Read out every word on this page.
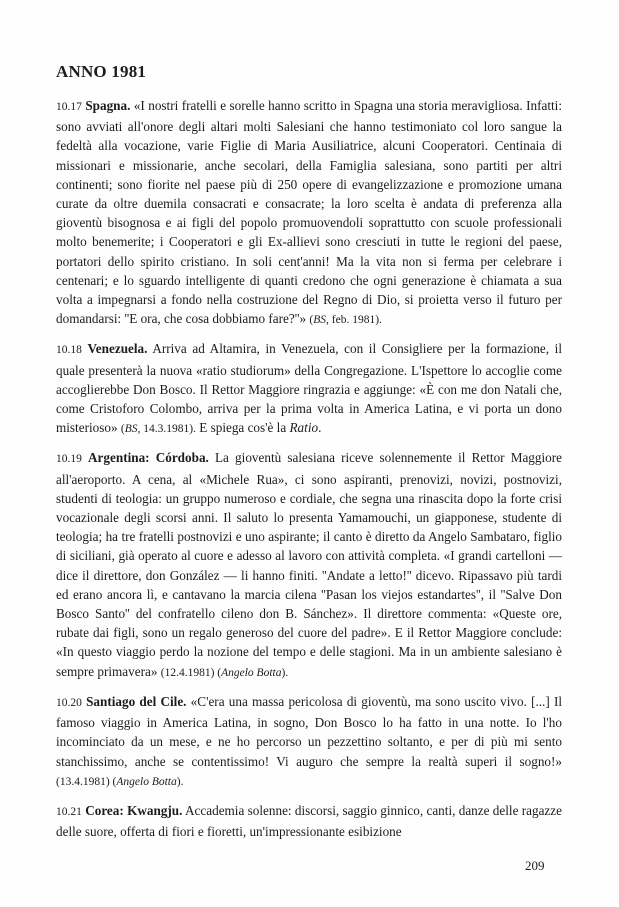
ANNO 1981

10.17 Spagna. «I nostri fratelli e sorelle hanno scritto in Spagna una storia meravigliosa. Infatti: sono avviati all'onore degli altari molti Salesiani che hanno testimoniato col loro sangue la fedeltà alla vocazione, varie Figlie di Maria Ausiliatrice, alcuni Cooperatori. Centinaia di missionari e missionarie, anche secolari, della Famiglia salesiana, sono partiti per altri continenti; sono fiorite nel paese più di 250 opere di evangelizzazione e promozione umana curate da oltre duemila consacrati e consacrate; la loro scelta è andata di preferenza alla gioventù bisognosa e ai figli del popolo promuovendoli soprattutto con scuole professionali molto benemerite; i Cooperatori e gli Ex-allievi sono cresciuti in tutte le regioni del paese, portatori dello spirito cristiano. In soli cent'anni! Ma la vita non si ferma per celebrare i centenari; e lo sguardo intelligente di quanti credono che ogni generazione è chiamata a sua volta a impegnarsi a fondo nella costruzione del Regno di Dio, si proietta verso il futuro per domandarsi: ''E ora, che cosa dobbiamo fare?''» (BS, feb. 1981).

10.18 Venezuela. Arriva ad Altamira, in Venezuela, con il Consigliere per la formazione, il quale presenterà la nuova «ratio studiorum» della Congregazione. L'Ispettore lo accoglie come accoglierebbe Don Bosco. Il Rettor Maggiore ringrazia e aggiunge: «È con me don Natali che, come Cristoforo Colombo, arriva per la prima volta in America Latina, e vi porta un dono misterioso» (BS, 14.3.1981). E spiega cos'è la Ratio.

10.19 Argentina: Córdoba. La gioventù salesiana riceve solennemente il Rettor Maggiore all'aeroporto. A cena, al «Michele Rua», ci sono aspiranti, prenovizi, novizi, postnovizi, studenti di teologia: un gruppo numeroso e cordiale, che segna una rinascita dopo la forte crisi vocazionale degli scorsi anni. Il saluto lo presenta Yamamouchi, un giapponese, studente di teologia; ha tre fratelli postnovizi e uno aspirante; il canto è diretto da Angelo Sambataro, figlio di siciliani, già operato al cuore e adesso al lavoro con attività completa. «I grandi cartelloni — dice il direttore, don González — li hanno finiti. ''Andate a letto!'' dicevo. Ripassavo più tardi ed erano ancora lì, e cantavano la marcia cilena ''Pasan los viejos estandartes'', il ''Salve Don Bosco Santo'' del confratello cileno don B. Sánchez». Il direttore commenta: «Queste ore, rubate dai figli, sono un regalo generoso del cuore del padre». E il Rettor Maggiore conclude: «In questo viaggio perdo la nozione del tempo e delle stagioni. Ma in un ambiente salesiano è sempre primavera» (12.4.1981) (Angelo Botta).

10.20 Santiago del Cile. «C'era una massa pericolosa di gioventù, ma sono uscito vivo. [...] Il famoso viaggio in America Latina, in sogno, Don Bosco lo ha fatto in una notte. Io l'ho incominciato da un mese, e ne ho percorso un pezzettino soltanto, e per di più mi sento stanchissimo, anche se contentissimo! Vi auguro che sempre la realtà superi il sogno!» (13.4.1981) (Angelo Botta).

10.21 Corea: Kwangju. Accademia solenne: discorsi, saggio ginnico, canti, danze delle ragazze delle suore, offerta di fiori e fioretti, un'impressionante esibizione

209
